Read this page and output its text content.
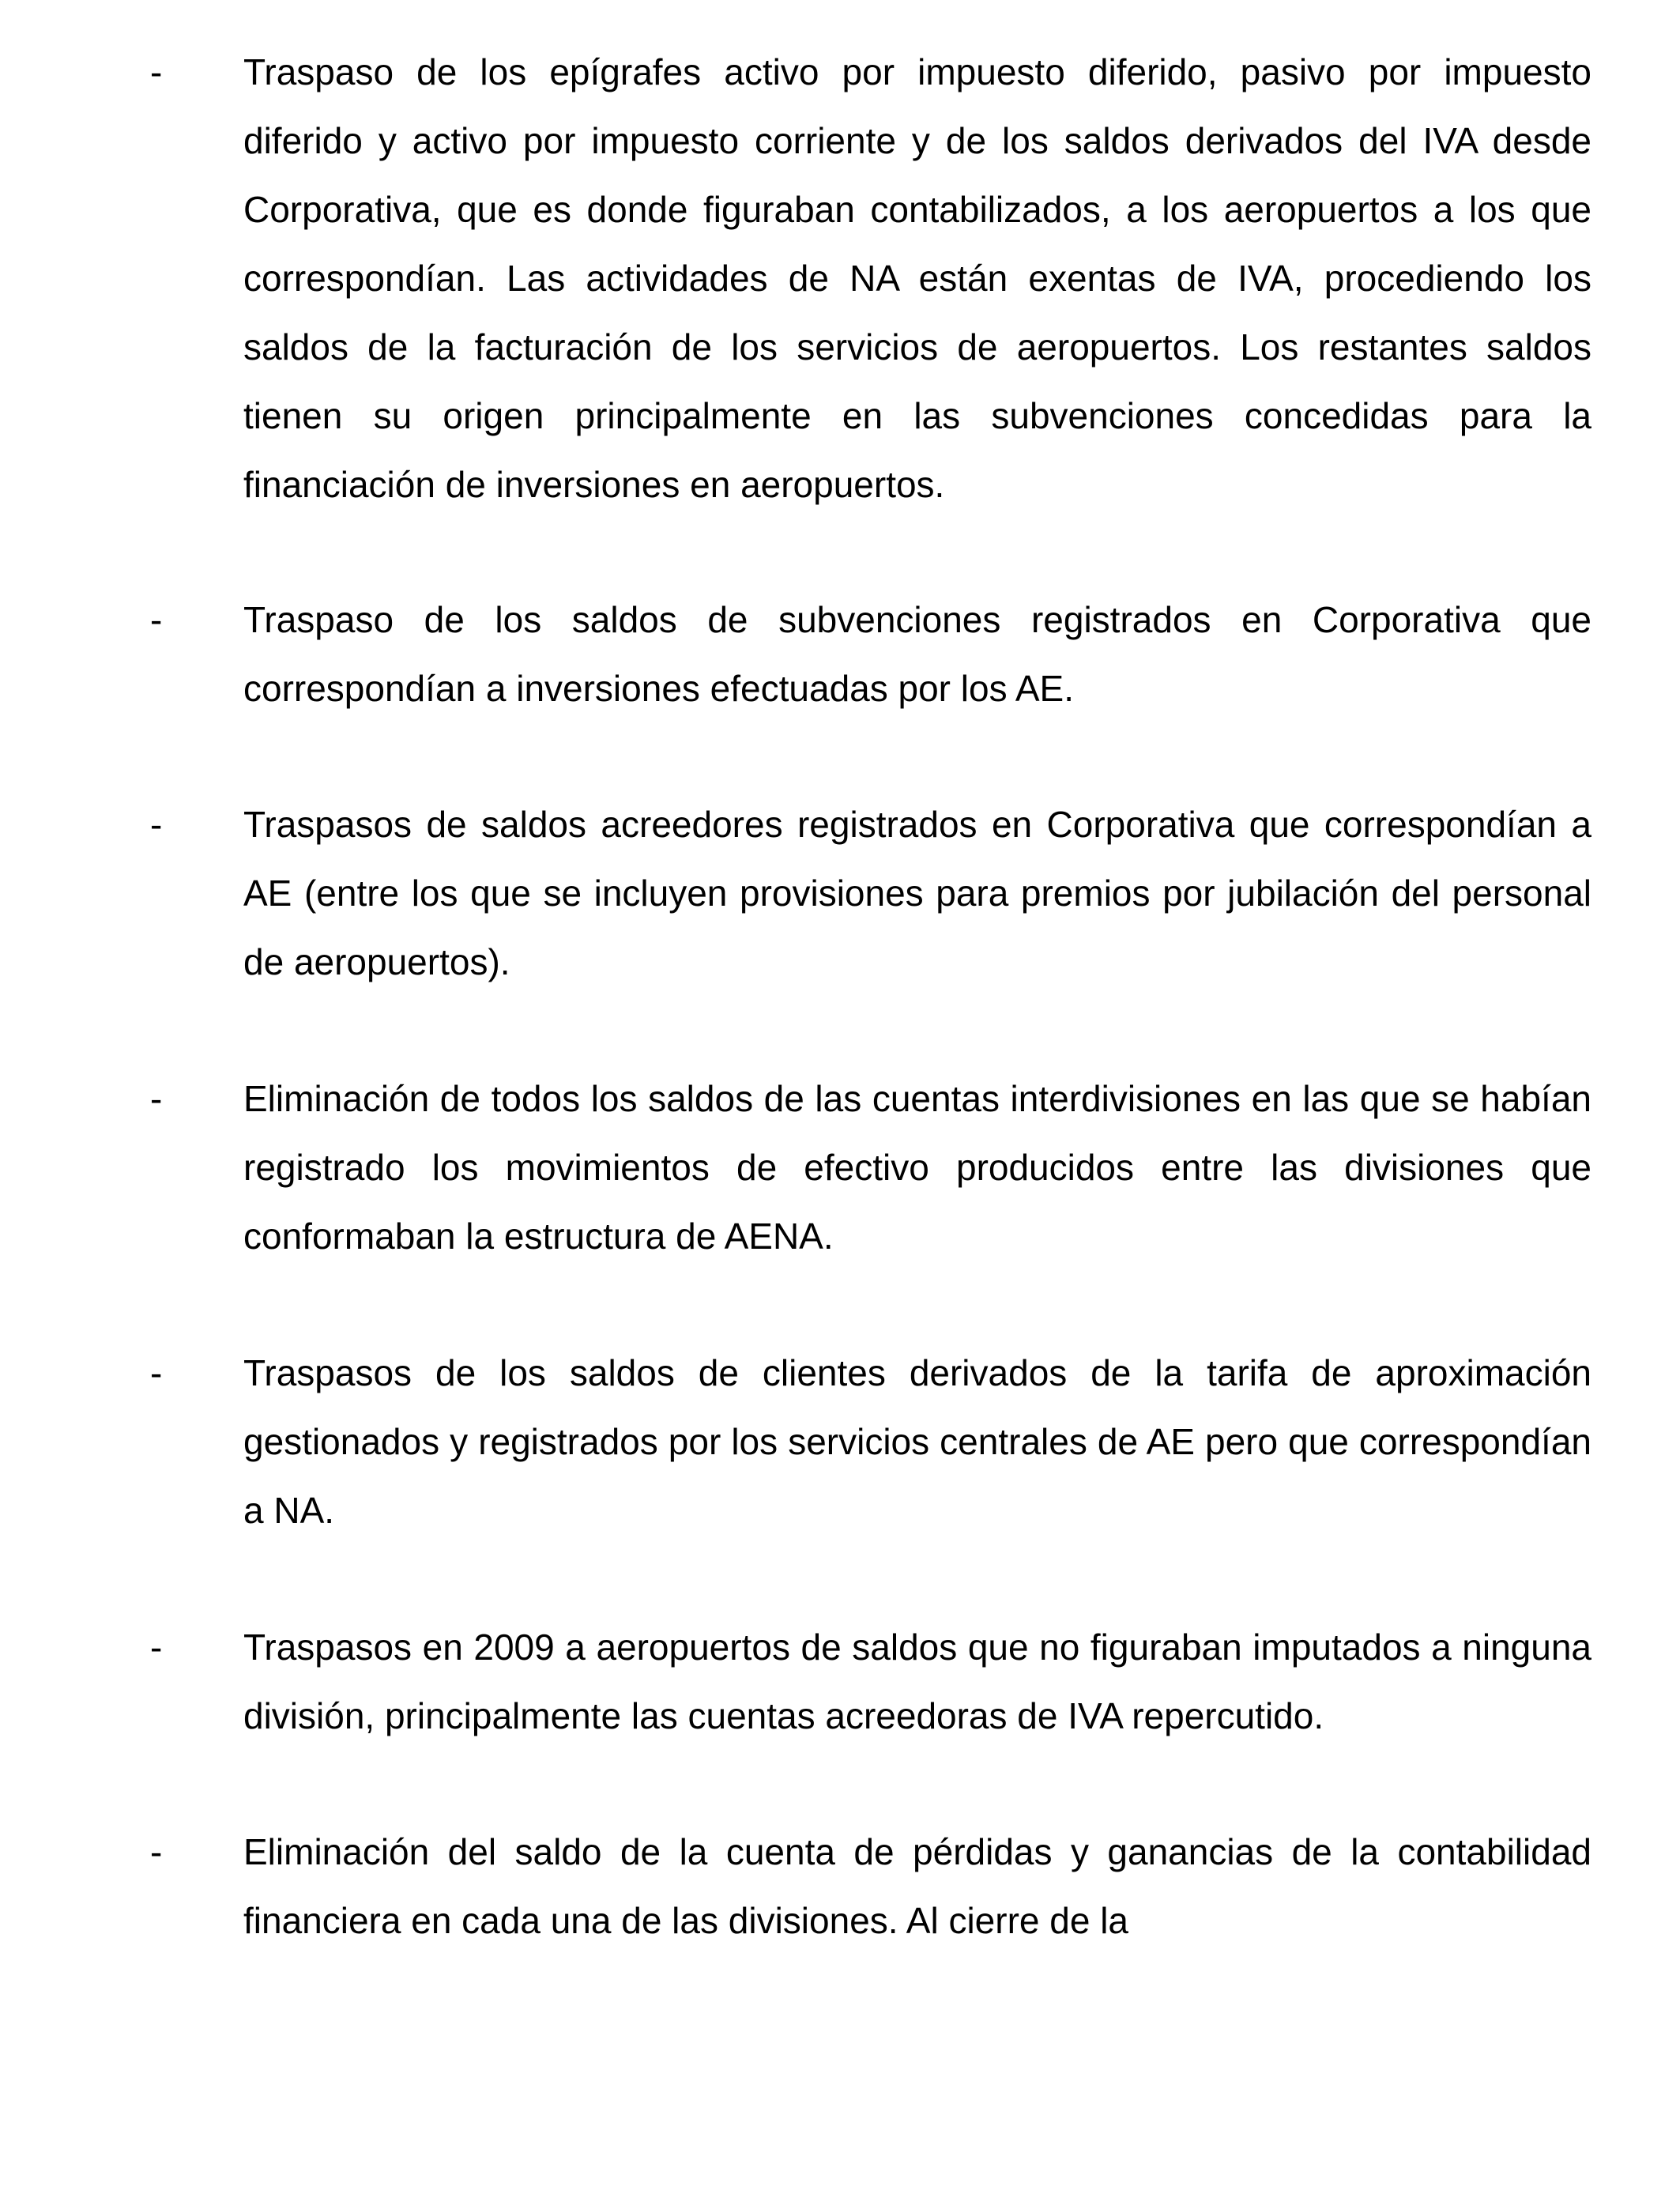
- Traspaso de los epígrafes activo por impuesto diferido, pasivo por impuesto diferido y activo por impuesto corriente y de los saldos derivados del IVA desde Corporativa, que es donde figuraban contabilizados, a los aeropuertos a los que correspondían. Las actividades de NA están exentas de IVA, procediendo los saldos de la facturación de los servicios de aeropuertos. Los restantes saldos tienen su origen principalmente en las subvenciones concedidas para la financiación de inversiones en aeropuertos.

- Traspaso de los saldos de subvenciones registrados en Corporativa que correspondían a inversiones efectuadas por los AE.

- Traspasos de saldos acreedores registrados en Corporativa que correspondían a AE (entre los que se incluyen provisiones para premios por jubilación del personal de aeropuertos).

- Eliminación de todos los saldos de las cuentas interdivisiones en las que se habían registrado los movimientos de efectivo producidos entre las divisiones que conformaban la estructura de AENA.

- Traspasos de los saldos de clientes derivados de la tarifa de aproximación gestionados y registrados por los servicios centrales de AE pero que correspondían a NA.

- Traspasos en 2009 a aeropuertos de saldos que no figuraban imputados a ninguna división, principalmente las cuentas acreedoras de IVA repercutido.

- Eliminación del saldo de la cuenta de pérdidas y ganancias de la contabilidad financiera en cada una de las divisiones. Al cierre de la
